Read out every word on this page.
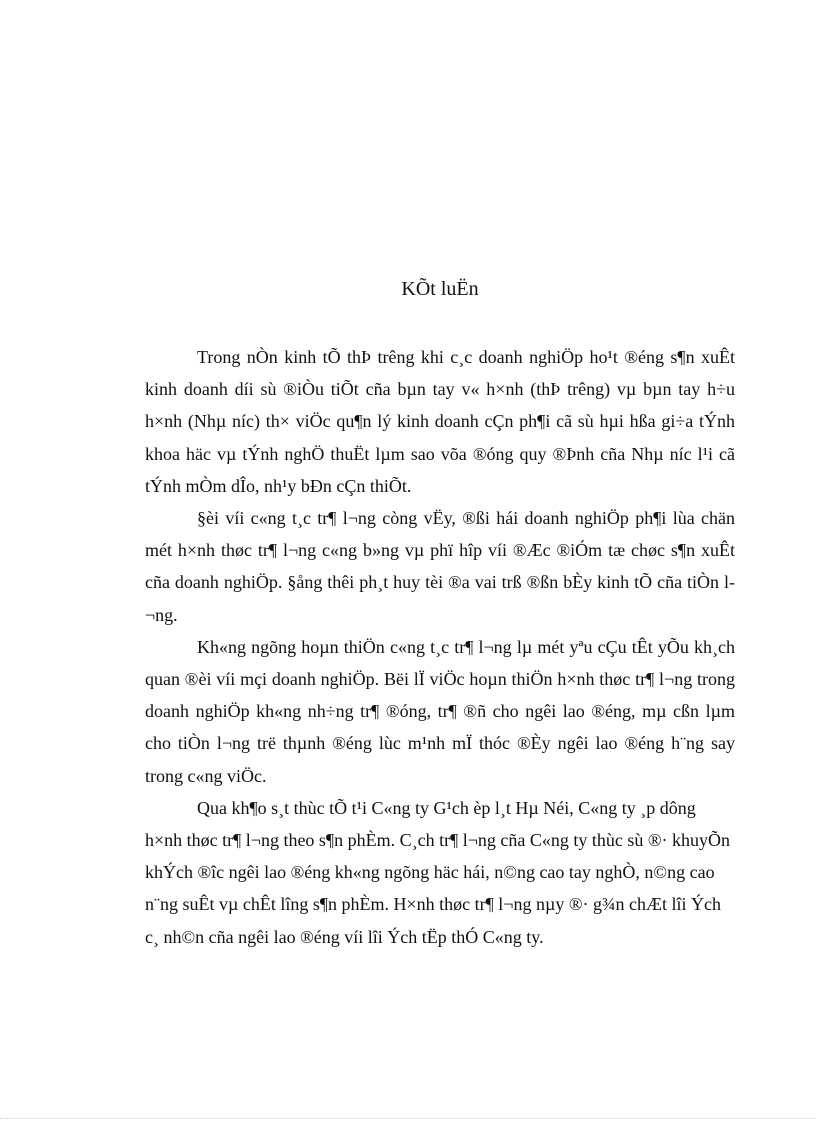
KÕt luËn

Trong nÒn kinh tÕ thÞ trêng khi c¸c doanh nghiÖp ho¹t ®éng s¶n xuÊt kinh doanh díi sù ®iÒu tiÕt cña bµn tay v« h×nh (thÞ trêng) vµ bµn tay h÷u h×nh (Nhµ níc) th× viÖc qu¶n lý kinh doanh cÇn ph¶i cã sù hµi hßa gi÷a tÝnh khoa häc vµ tÝnh nghÖ thuËt lµm sao võa ®óng quy ®Þnh cña Nhµ níc l¹i cã tÝnh mÒm dÎo, nh¹y bÐn cÇn thiÕt.

§èi víi c«ng t¸c tr¶ l¬ng còng vËy, ®ßi hái doanh nghiÖp ph¶i lùa chän mét h×nh thøc tr¶ l¬ng c«ng b»ng vµ phï hîp víi ®Æc ®iÓm tæ chøc s¶n xuÊt cña doanh nghiÖp. §ång thêi ph¸t huy tèi ®a vai trß ®ßn bÈy kinh tÕ cña tiÒn l¬ng.

Kh«ng ngõng hoµn thiÖn c«ng t¸c tr¶ l¬ng lµ mét yªu cÇu tÊt yÕu kh¸ch quan ®èi víi mçi doanh nghiÖp. Bëi lÏ viÖc hoµn thiÖn h×nh thøc tr¶ l¬ng trong doanh nghiÖp kh«ng nh÷ng tr¶ ®óng, tr¶ ®ñ cho ngêi lao ®éng, mµ cßn lµm cho tiÒn l¬ng trë thµnh ®éng lùc m¹nh mÏ thóc ®Èy ngêi lao ®éng h¨ng say trong c«ng viÖc.

Qua kh¶o s¸t thùc tÕ t¹i C«ng ty G¹ch èp l¸t Hµ Néi, C«ng ty ¸p dông h×nh thøc tr¶ l¬ng theo s¶n phÈm. C¸ch tr¶ l¬ng cña C«ng ty thùc sù ®· khuyÕn khÝch ®îc ngêi lao ®éng kh«ng ngõng häc hái, n©ng cao tay nghÒ, n©ng cao n¨ng suÊt vµ chÊt lîng s¶n phÈm. H×nh thøc tr¶ l¬ng nµy ®· g¾n chÆt lîi Ých c¸ nh©n cña ngêi lao ®éng víi lîi Ých tËp thÓ C«ng ty.
